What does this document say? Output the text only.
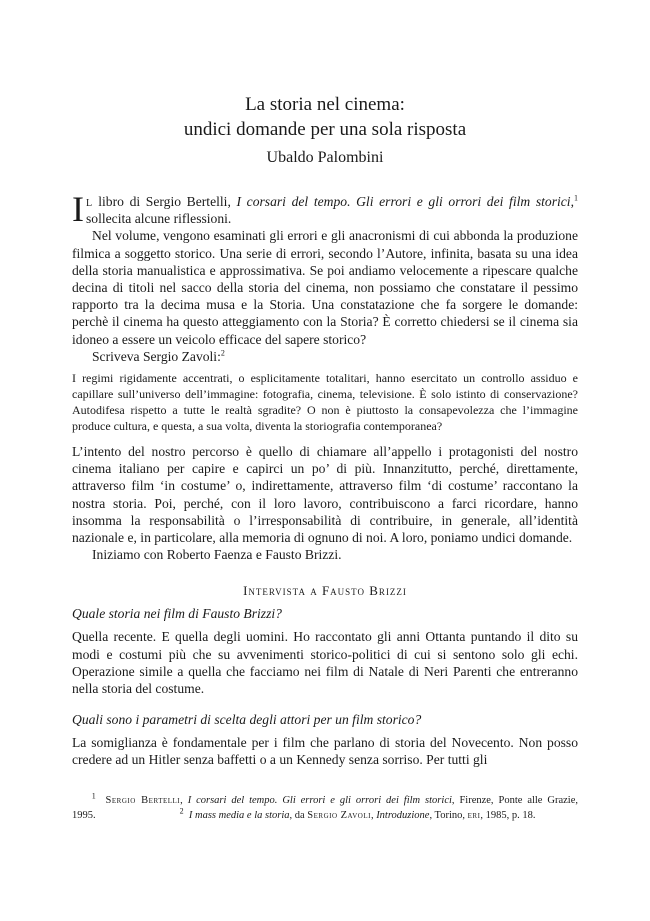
La storia nel cinema:
undici domande per una sola risposta

Ubaldo Palombini

I l libro di Sergio Bertelli, I corsari del tempo. Gli errori e gli orrori dei film storici,$^1$ sollecita alcune riflessioni.

Nel volume, vengono esaminati gli errori e gli anacronismi di cui abbonda la produzione filmica a soggetto storico. Una serie di errori, secondo l’Autore, infinita, basata su una idea della storia manualistica e approssimativa. Se poi andiamo velocemente a ripescare qualche decina di titoli nel sacco della storia del cinema, non possiamo che constatare il pessimo rapporto tra la decima musa e la Storia. Una constatazione che fa sorgere le domande: perchè il cinema ha questo atteggiamento con la Storia? È corretto chiedersi se il cinema sia idoneo a essere un veicolo efficace del sapere storico?

Scriveva Sergio Zavoli:$^2$

I regimi rigidamente accentrati, o esplicitamente totalitari, hanno esercitato un controllo assiduo e capillare sull’universo dell’immagine: fotografia, cinema, televisione. È solo istinto di conservazione? Autodifesa rispetto a tutte le realtà sgradite? O non è piuttosto la consapevolezza che l’immagine produce cultura, e questa, a sua volta, diventa la storiografia contemporanea?

L’intento del nostro percorso è quello di chiamare all’appello i protagonisti del nostro cinema italiano per capire e capirci un po’ di più. Innanzitutto, perché, direttamente, attraverso film ‘in costume’ o, indirettamente, attraverso film ‘di costume’ raccontano la nostra storia. Poi, perché, con il loro lavoro, contribuiscono a farci ricordare, hanno insomma la responsabilità o l’irresponsabilità di contribuire, in generale, all’identità nazionale e, in particolare, alla memoria di ognuno di noi. A loro, poniamo undici domande.

Iniziamo con Roberto Faenza e Fausto Brizzi.

Intervista a Fausto Brizzi

Quale storia nei film di Fausto Brizzi?

Quella recente. E quella degli uomini. Ho raccontato gli anni Ottanta puntando il dito su modi e costumi più che su avvenimenti storico-politici di cui si sentono solo gli echi. Operazione simile a quella che facciamo nei film di Natale di Neri Parenti che entreranno nella storia del costume.

Quali sono i parametri di scelta degli attori per un film storico?

La somiglianza è fondamentale per i film che parlano di storia del Novecento. Non posso credere ad un Hitler senza baffetti o a un Kennedy senza sorriso. Per tutti gli

$^1$ Sergio Bertelli, I corsari del tempo. Gli errori e gli orrori dei film storici, Firenze, Ponte alle Grazie, 1995.	$^2$ I mass media e la storia, da Sergio Zavoli, Introduzione, Torino, eri, 1985, p. 18.
